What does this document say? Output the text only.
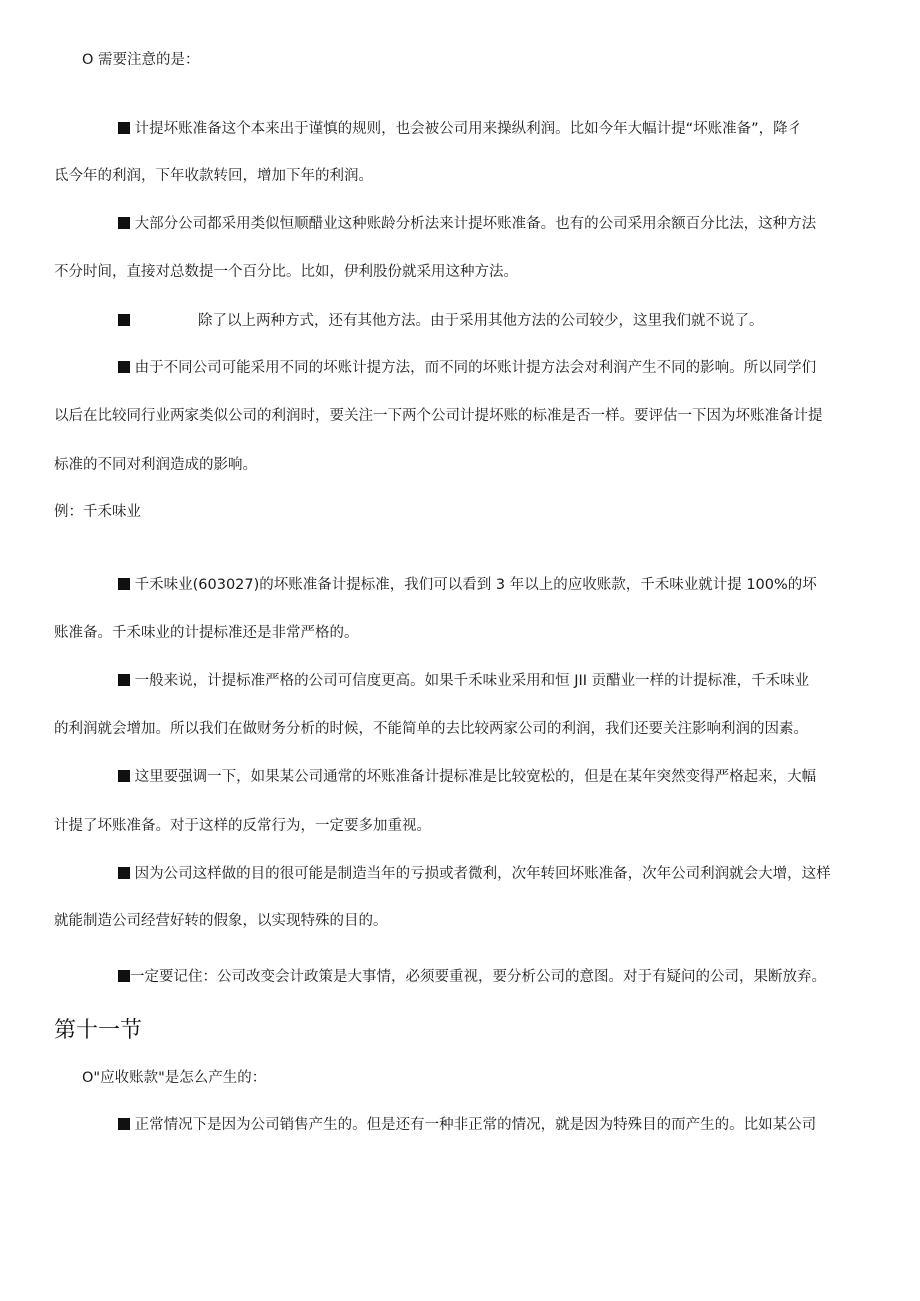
O 需要注意的是：
计提坏账准备这个本来出于谨慎的规则，也会被公司用来操纵利润。比如今年大幅计提“坏账准备”，降彳
氐今年的利润，下年收款转回，增加下年的利润。
大部分公司都采用类似恒顺醋业这种账龄分析法来计提坏账准备。也有的公司采用余额百分比法，这种方法
不分时间，直接对总数提一个百分比。比如，伊利股份就采用这种方法。
除了以上两种方式，还有其他方法。由于采用其他方法的公司较少，这里我们就不说了。
由于不同公司可能采用不同的坏账计提方法，而不同的坏账计提方法会对利润产生不同的影响。所以同学们
以后在比较同行业两家类似公司的利润时，要关注一下两个公司计提坏账的标准是否一样。要评估一下因为坏账准备计提
标准的不同对利润造成的影响。
例：千禾味业
千禾味业(603027)的坏账准备计提标准，我们可以看到 3 年以上的应收账款，千禾味业就计提 100%的坏
账准备。千禾味业的计提标准还是非常严格的。
一般来说，计提标准严格的公司可信度更高。如果千禾味业采用和恒 JII 贡醋业一样的计提标准，千禾味业
的利润就会增加。所以我们在做财务分析的时候，不能简单的去比较两家公司的利润，我们还要关注影响利润的因素。
这里要强调一下，如果某公司通常的坏账准备计提标准是比较宽松的，但是在某年突然变得严格起来，大幅
计提了坏账准备。对于这样的反常行为，一定要多加重视。
因为公司这样做的目的很可能是制造当年的亏损或者微利，次年转回坏账准备，次年公司利润就会大增，这样
就能制造公司经营好转的假象，以实现特殊的目的。
一定要记住：公司改变会计政策是大事情，必须要重视，要分析公司的意图。对于有疑问的公司，果断放弃。
第十一节
O"应收账款"是怎么产生的：
正常情况下是因为公司销售产生的。但是还有一种非正常的情况，就是因为特殊目的而产生的。比如某公司
